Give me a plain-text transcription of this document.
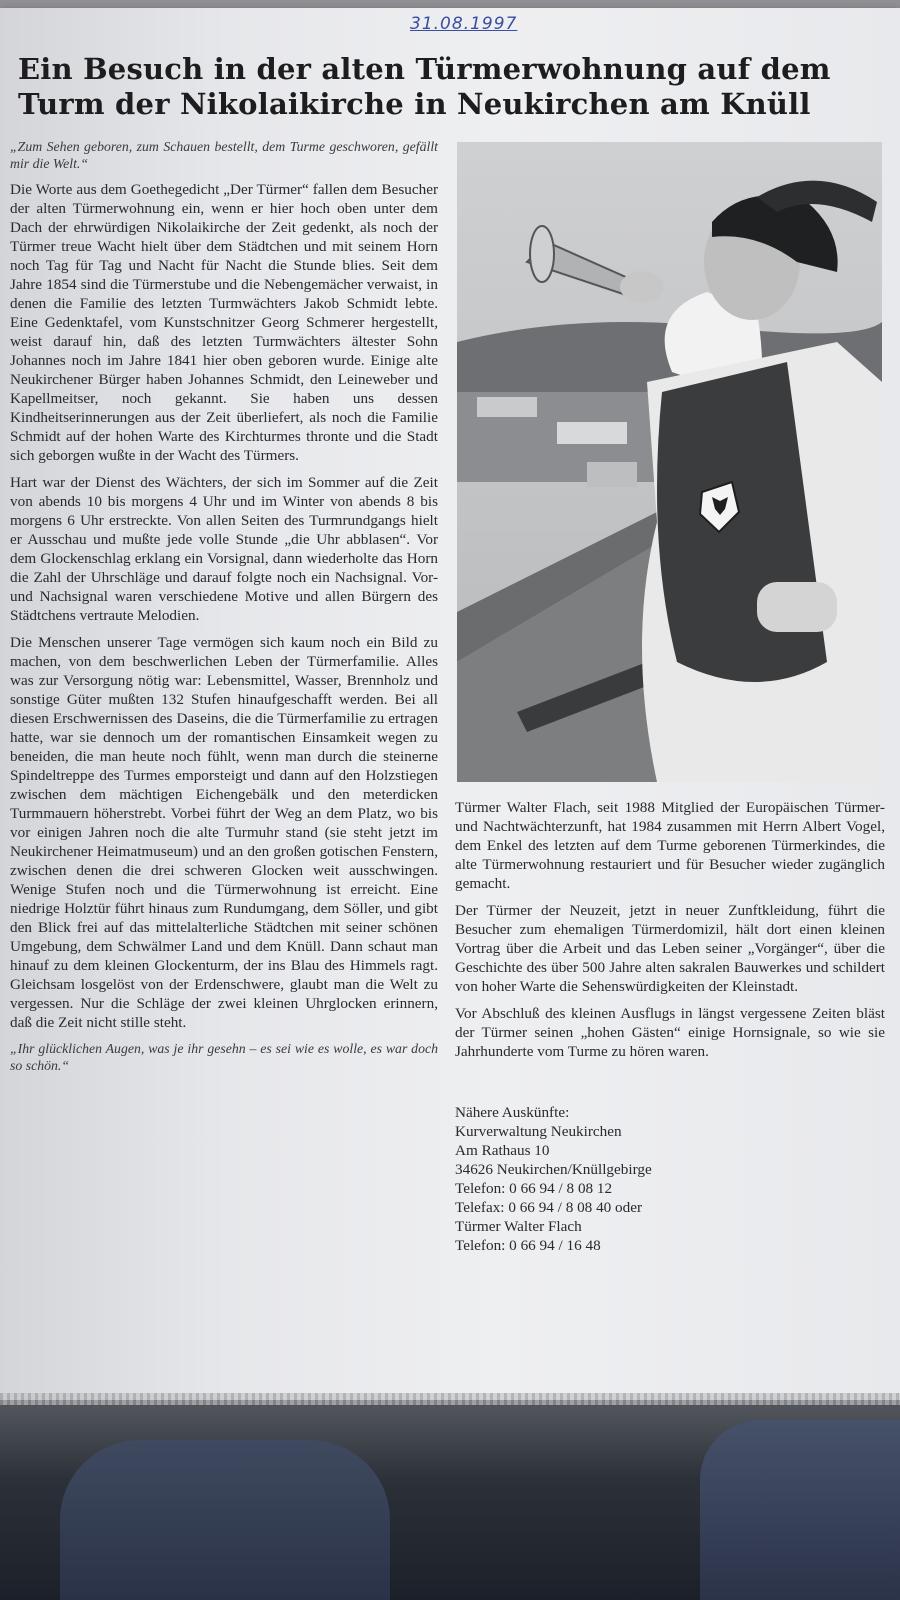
31.08.1997
Ein Besuch in der alten Türmerwohnung auf dem Turm der Nikolaikirche in Neukirchen am Knüll

„Zum Sehen geboren, zum Schauen bestellt, dem Turme geschworen, gefällt mir die Welt.“

Die Worte aus dem Goethegedicht „Der Türmer“ fallen dem Besucher der alten Türmerwohnung ein, wenn er hier hoch oben unter dem Dach der ehrwürdigen Nikolaikirche der Zeit gedenkt, als noch der Türmer treue Wacht hielt über dem Städtchen und mit seinem Horn noch Tag für Tag und Nacht für Nacht die Stunde blies. Seit dem Jahre 1854 sind die Türmerstube und die Nebengemächer verwaist, in denen die Familie des letzten Turmwächters Jakob Schmidt lebte. Eine Gedenktafel, vom Kunstschnitzer Georg Schmerer hergestellt, weist darauf hin, daß des letzten Turmwächters ältester Sohn Johannes noch im Jahre 1841 hier oben geboren wurde. Einige alte Neukirchener Bürger haben Johannes Schmidt, den Leineweber und Kapellmeitser, noch gekannt. Sie haben uns dessen Kindheitserinnerungen aus der Zeit überliefert, als noch die Familie Schmidt auf der hohen Warte des Kirchturmes thronte und die Stadt sich geborgen wußte in der Wacht des Türmers.

Hart war der Dienst des Wächters, der sich im Sommer auf die Zeit von abends 10 bis morgens 4 Uhr und im Winter von abends 8 bis morgens 6 Uhr erstreckte. Von allen Seiten des Turmrundgangs hielt er Ausschau und mußte jede volle Stunde „die Uhr abblasen“. Vor dem Glockenschlag erklang ein Vorsignal, dann wiederholte das Horn die Zahl der Uhrschläge und darauf folgte noch ein Nachsignal. Vor- und Nachsignal waren verschiedene Motive und allen Bürgern des Städtchens vertraute Melodien.

Die Menschen unserer Tage vermögen sich kaum noch ein Bild zu machen, von dem beschwerlichen Leben der Türmerfamilie. Alles was zur Versorgung nötig war: Lebensmittel, Wasser, Brennholz und sonstige Güter mußten 132 Stufen hinaufgeschafft werden. Bei all diesen Erschwernissen des Daseins, die die Türmerfamilie zu ertragen hatte, war sie dennoch um der romantischen Einsamkeit wegen zu beneiden, die man heute noch fühlt, wenn man durch die steinerne Spindeltreppe des Turmes emporsteigt und dann auf den Holzstiegen zwischen dem mächtigen Eichengebälk und den meterdicken Turmmauern höherstrebt. Vorbei führt der Weg an dem Platz, wo bis vor einigen Jahren noch die alte Turmuhr stand (sie steht jetzt im Neukirchener Heimatmuseum) und an den großen gotischen Fenstern, zwischen denen die drei schweren Glocken weit ausschwingen. Wenige Stufen noch und die Türmerwohnung ist erreicht. Eine niedrige Holztür führt hinaus zum Rundumgang, dem Söller, und gibt den Blick frei auf das mittelalterliche Städtchen mit seiner schönen Umgebung, dem Schwälmer Land und dem Knüll. Dann schaut man hinauf zu dem kleinen Glockenturm, der ins Blau des Himmels ragt. Gleichsam losgelöst von der Erdenschwere, glaubt man die Welt zu vergessen. Nur die Schläge der zwei kleinen Uhrglocken erinnern, daß die Zeit nicht stille steht.

„Ihr glücklichen Augen, was je ihr gesehn – es sei wie es wolle, es war doch so schön.“

Türmer Walter Flach, seit 1988 Mitglied der Europäischen Türmer- und Nachtwächterzunft, hat 1984 zusammen mit Herrn Albert Vogel, dem Enkel des letzten auf dem Turme geborenen Türmerkindes, die alte Türmerwohnung restauriert und für Besucher wieder zugänglich gemacht.

Der Türmer der Neuzeit, jetzt in neuer Zunftkleidung, führt die Besucher zum ehemaligen Türmerdomizil, hält dort einen kleinen Vortrag über die Arbeit und das Leben seiner „Vorgänger“, über die Geschichte des über 500 Jahre alten sakralen Bauwerkes und schildert von hoher Warte die Sehenswürdigkeiten der Kleinstadt.

Vor Abschluß des kleinen Ausflugs in längst vergessene Zeiten bläst der Türmer seinen „hohen Gästen“ einige Hornsignale, so wie sie Jahrhunderte vom Turme zu hören waren.

Nähere Auskünfte:
Kurverwaltung Neukirchen
Am Rathaus 10
34626 Neukirchen/Knüllgebirge
Telefon: 0 66 94 / 8 08 12
Telefax: 0 66 94 / 8 08 40 oder
Türmer Walter Flach
Telefon: 0 66 94 / 16 48
